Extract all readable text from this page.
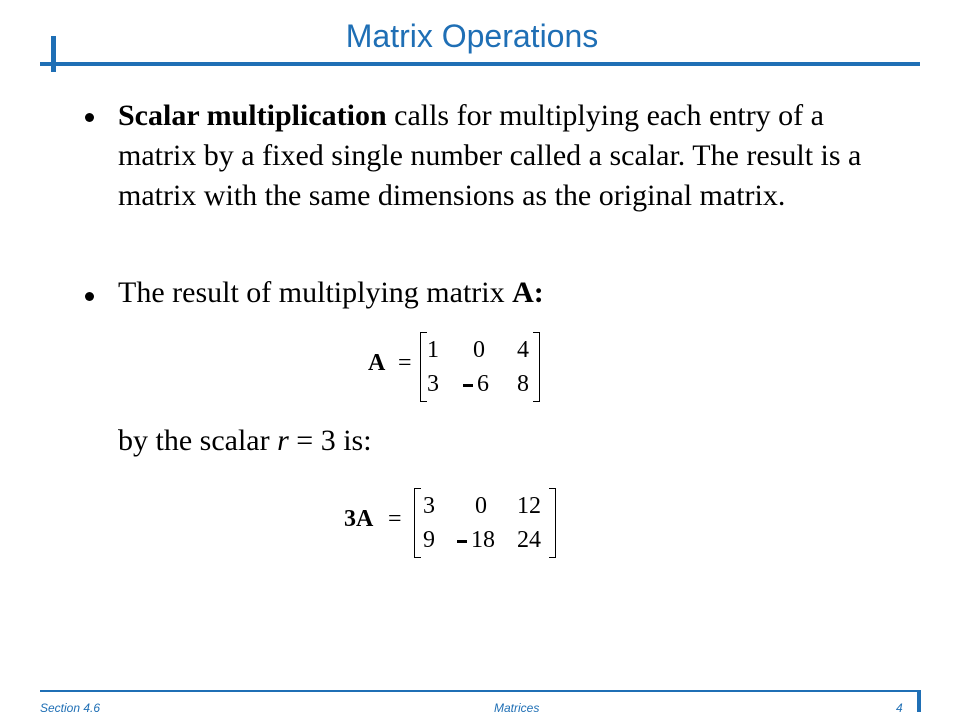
Matrix Operations
Scalar multiplication calls for multiplying each entry of a matrix by a fixed single number called a scalar. The result is a matrix with the same dimensions as the original matrix.
The result of multiplying matrix A:
A = 1 0 4
3 6 8
by the scalar r = 3 is:
3A = 3 0 12
9 18 24
Section 4.6	Matrices	4
